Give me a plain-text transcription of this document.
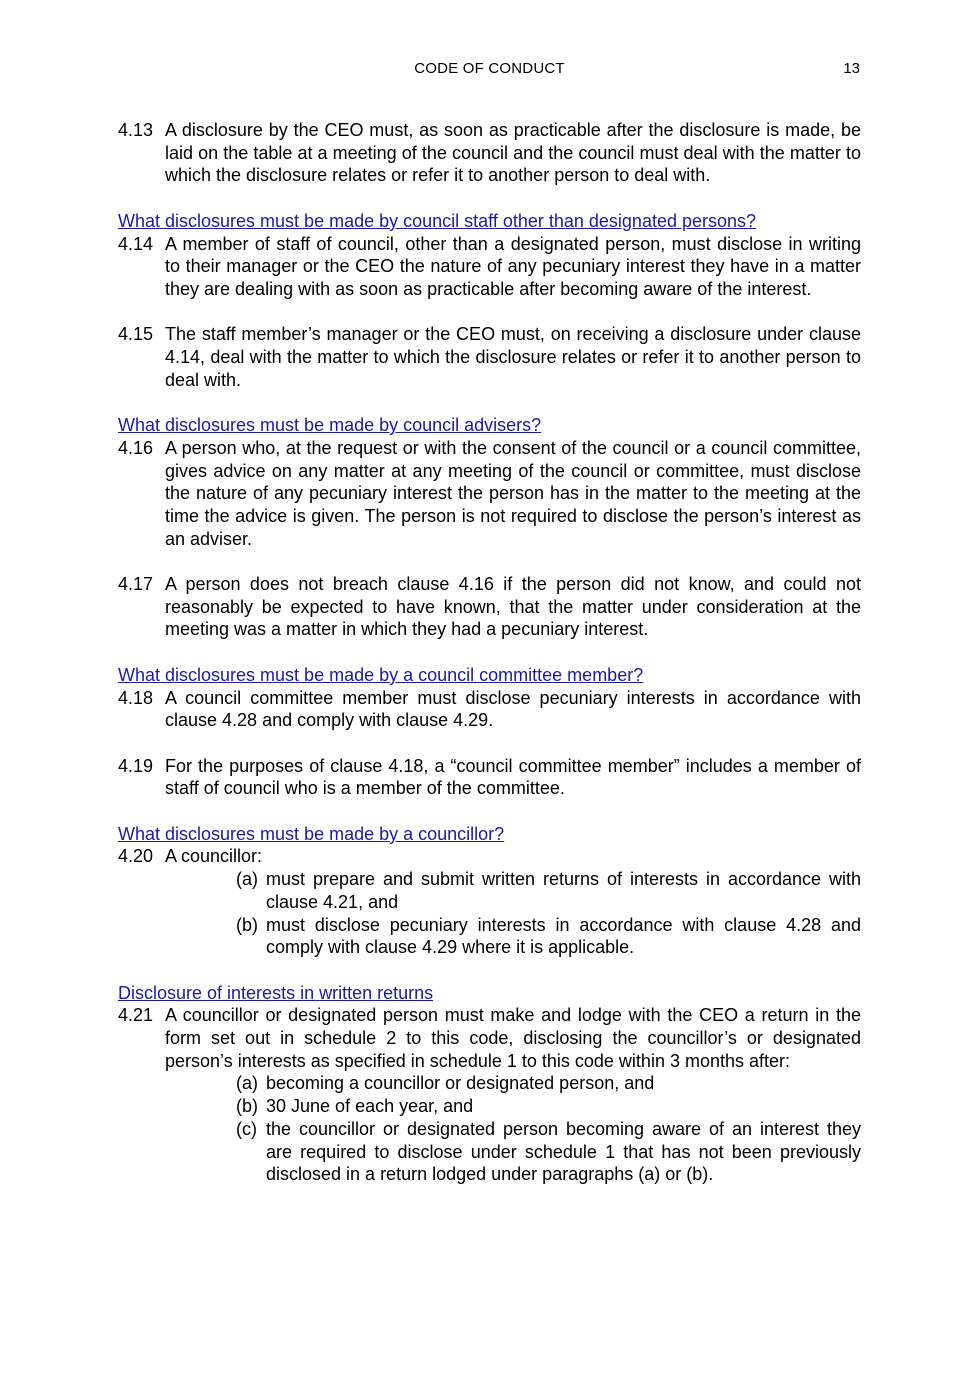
CODE OF CONDUCT	13
4.13 A disclosure by the CEO must, as soon as practicable after the disclosure is made, be laid on the table at a meeting of the council and the council must deal with the matter to which the disclosure relates or refer it to another person to deal with.
What disclosures must be made by council staff other than designated persons?
4.14 A member of staff of council, other than a designated person, must disclose in writing to their manager or the CEO the nature of any pecuniary interest they have in a matter they are dealing with as soon as practicable after becoming aware of the interest.
4.15 The staff member’s manager or the CEO must, on receiving a disclosure under clause 4.14, deal with the matter to which the disclosure relates or refer it to another person to deal with.
What disclosures must be made by council advisers?
4.16 A person who, at the request or with the consent of the council or a council committee, gives advice on any matter at any meeting of the council or committee, must disclose the nature of any pecuniary interest the person has in the matter to the meeting at the time the advice is given. The person is not required to disclose the person’s interest as an adviser.
4.17 A person does not breach clause 4.16 if the person did not know, and could not reasonably be expected to have known, that the matter under consideration at the meeting was a matter in which they had a pecuniary interest.
What disclosures must be made by a council committee member?
4.18 A council committee member must disclose pecuniary interests in accordance with clause 4.28 and comply with clause 4.29.
4.19 For the purposes of clause 4.18, a “council committee member” includes a member of staff of council who is a member of the committee.
What disclosures must be made by a councillor?
4.20 A councillor:
(a) must prepare and submit written returns of interests in accordance with clause 4.21, and
(b) must disclose pecuniary interests in accordance with clause 4.28 and comply with clause 4.29 where it is applicable.
Disclosure of interests in written returns
4.21 A councillor or designated person must make and lodge with the CEO a return in the form set out in schedule 2 to this code, disclosing the councillor’s or designated person’s interests as specified in schedule 1 to this code within 3 months after:
(a) becoming a councillor or designated person, and
(b) 30 June of each year, and
(c) the councillor or designated person becoming aware of an interest they are required to disclose under schedule 1 that has not been previously disclosed in a return lodged under paragraphs (a) or (b).
